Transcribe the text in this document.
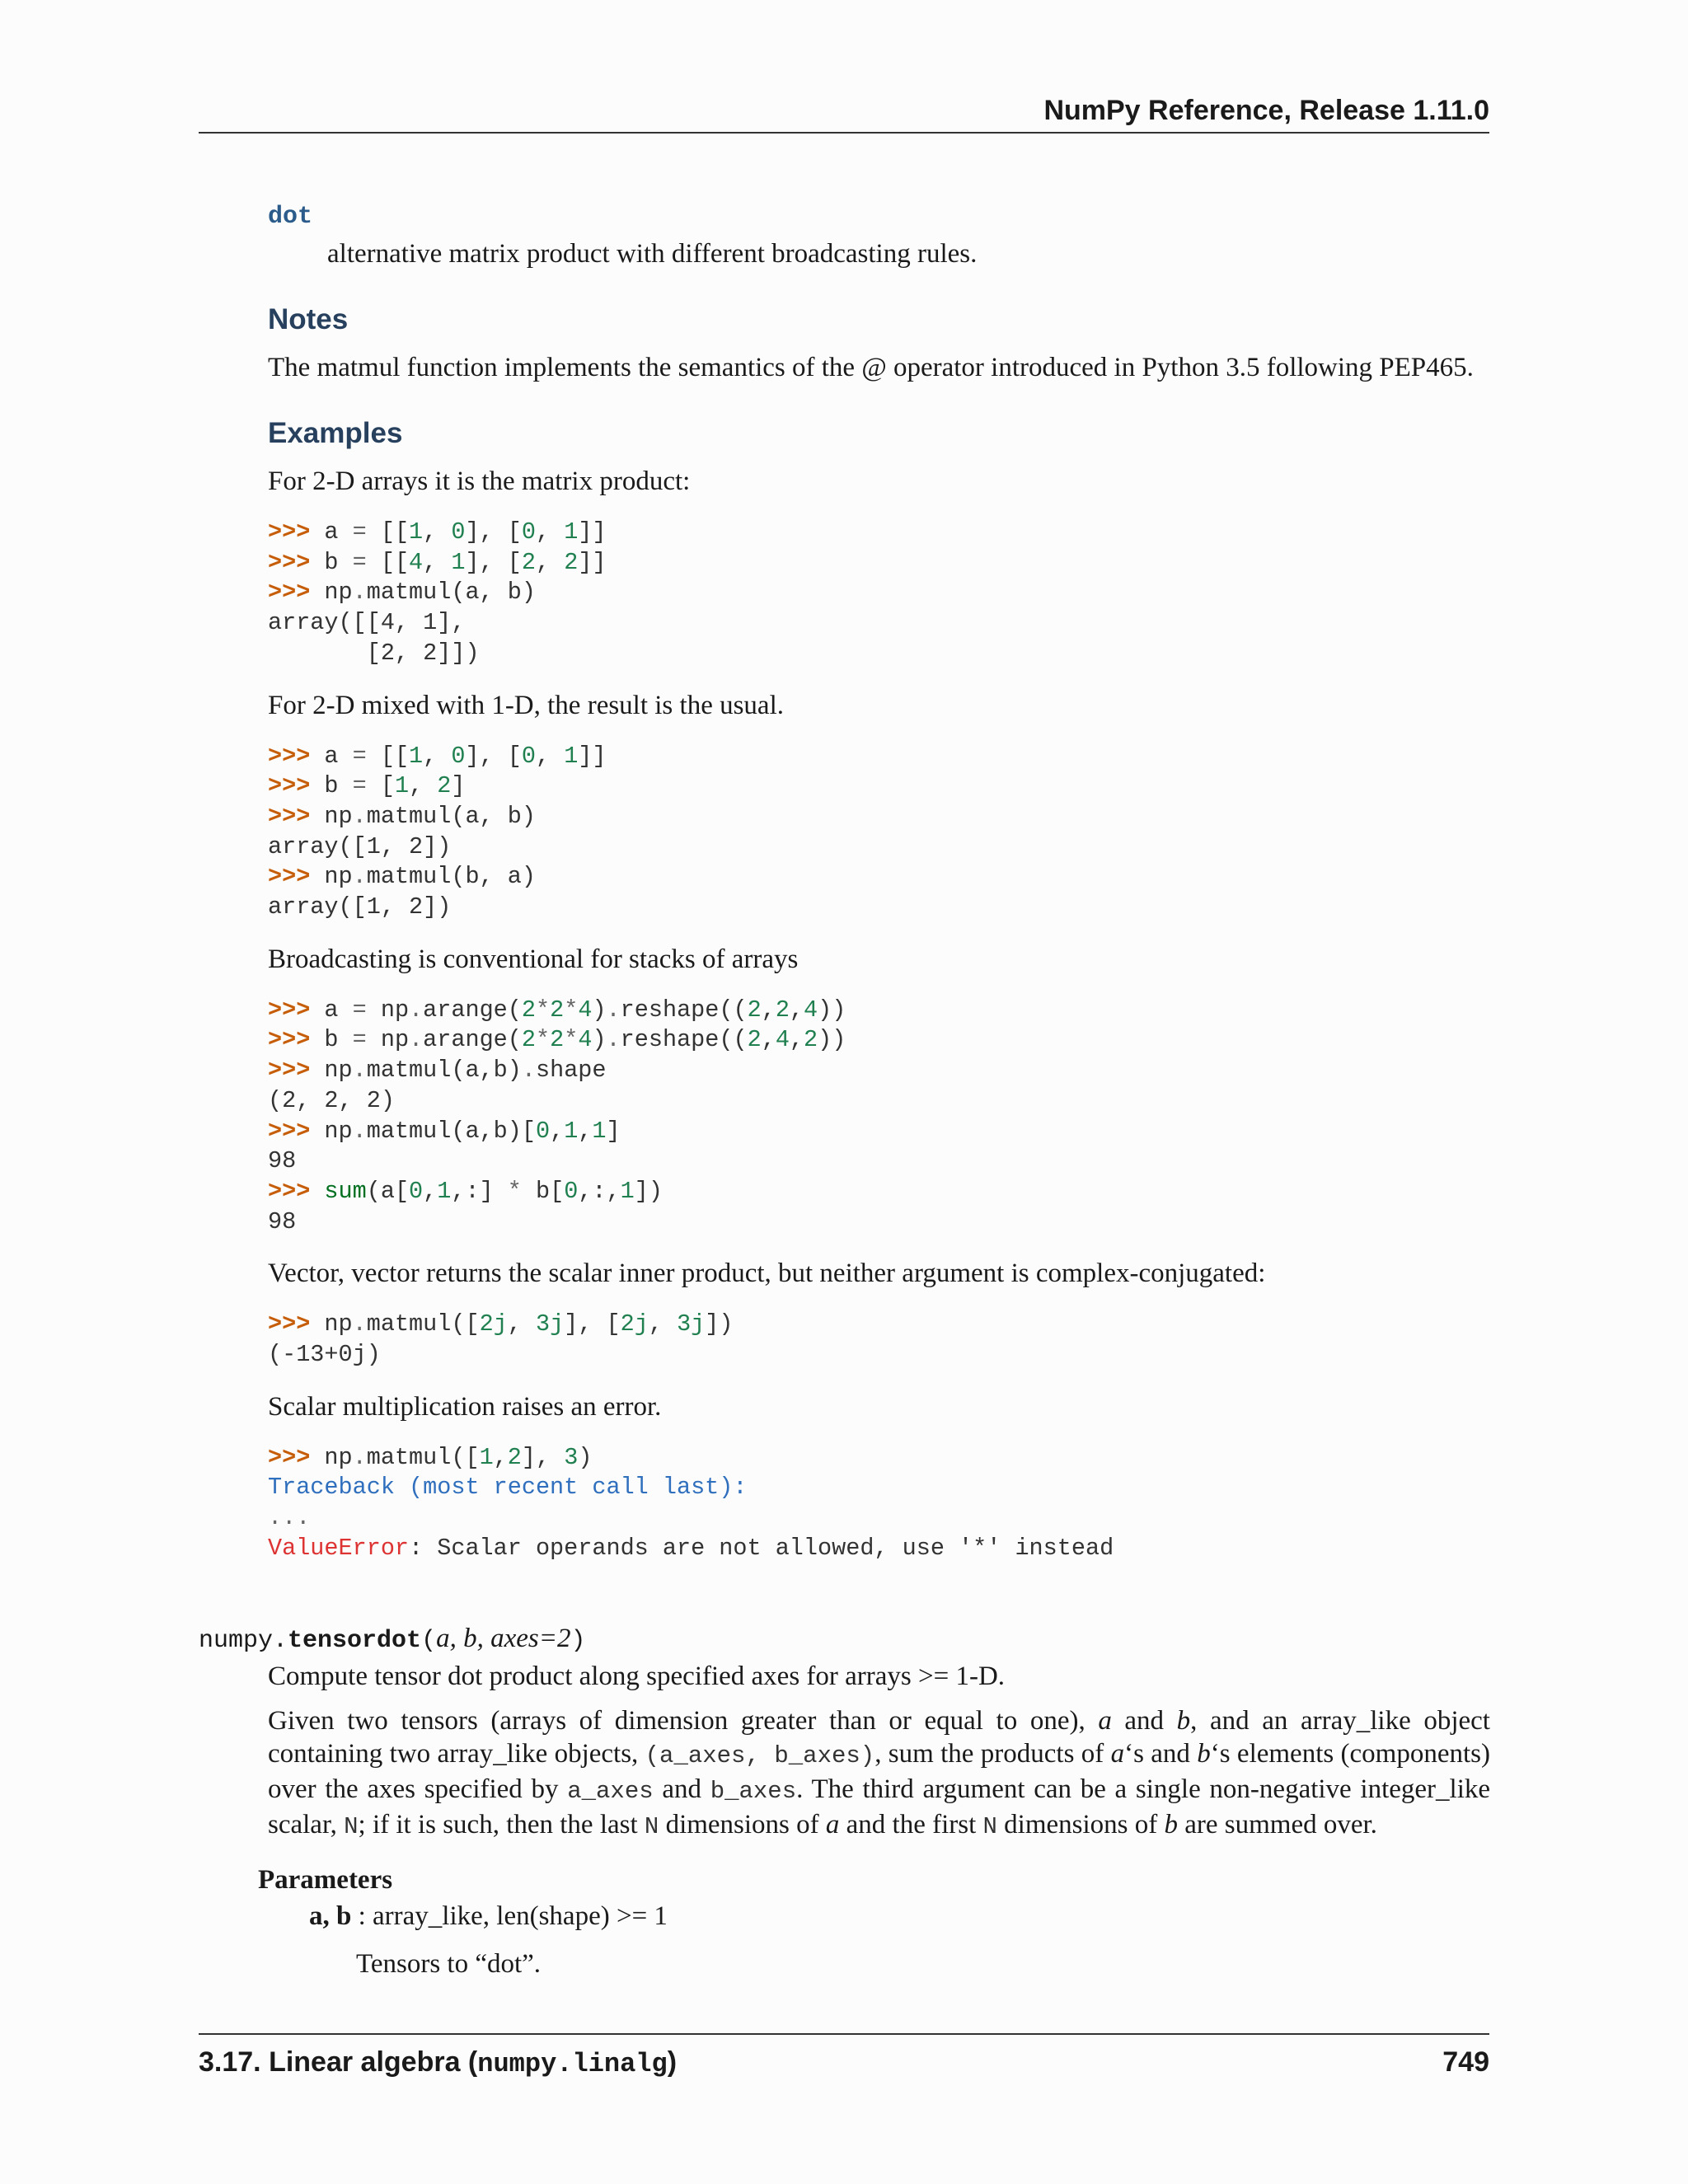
NumPy Reference, Release 1.11.0
dot
alternative matrix product with different broadcasting rules.
Notes

The matmul function implements the semantics of the @ operator introduced in Python 3.5 following PEP465.

Examples

For 2-D arrays it is the matrix product:

>>> a = [[1, 0], [0, 1]]
>>> b = [[4, 1], [2, 2]]
>>> np.matmul(a, b)
array([[4, 1],
[2, 2]])

For 2-D mixed with 1-D, the result is the usual.

>>> a = [[1, 0], [0, 1]]
>>> b = [1, 2]
>>> np.matmul(a, b)
array([1, 2])
>>> np.matmul(b, a)
array([1, 2])

Broadcasting is conventional for stacks of arrays

>>> a = np.arange(2*2*4).reshape((2,2,4))
>>> b = np.arange(2*2*4).reshape((2,4,2))
>>> np.matmul(a,b).shape
(2, 2, 2)
>>> np.matmul(a,b)[0,1,1]
98
>>> sum(a[0,1,:] * b[0,:,1])
98

Vector, vector returns the scalar inner product, but neither argument is complex-conjugated:

>>> np.matmul([2j, 3j], [2j, 3j])
(-13+0j)

Scalar multiplication raises an error.

>>> np.matmul([1,2], 3)
Traceback (most recent call last):
...
ValueError: Scalar operands are not allowed, use '*' instead
numpy.tensordot(a, b, axes=2)

Compute tensor dot product along specified axes for arrays >= 1-D.

Given two tensors (arrays of dimension greater than or equal to one), a and b, and an array_like object containing two array_like objects, (a_axes, b_axes), sum the products of a‘s and b‘s elements (components) over the axes specified by a_axes and b_axes. The third argument can be a single non-negative integer_like scalar, N; if it is such, then the last N dimensions of a and the first N dimensions of b are summed over.

Parameters
a, b : array_like, len(shape) >= 1
Tensors to “dot”.
3.17. Linear algebra (numpy.linalg)	749
